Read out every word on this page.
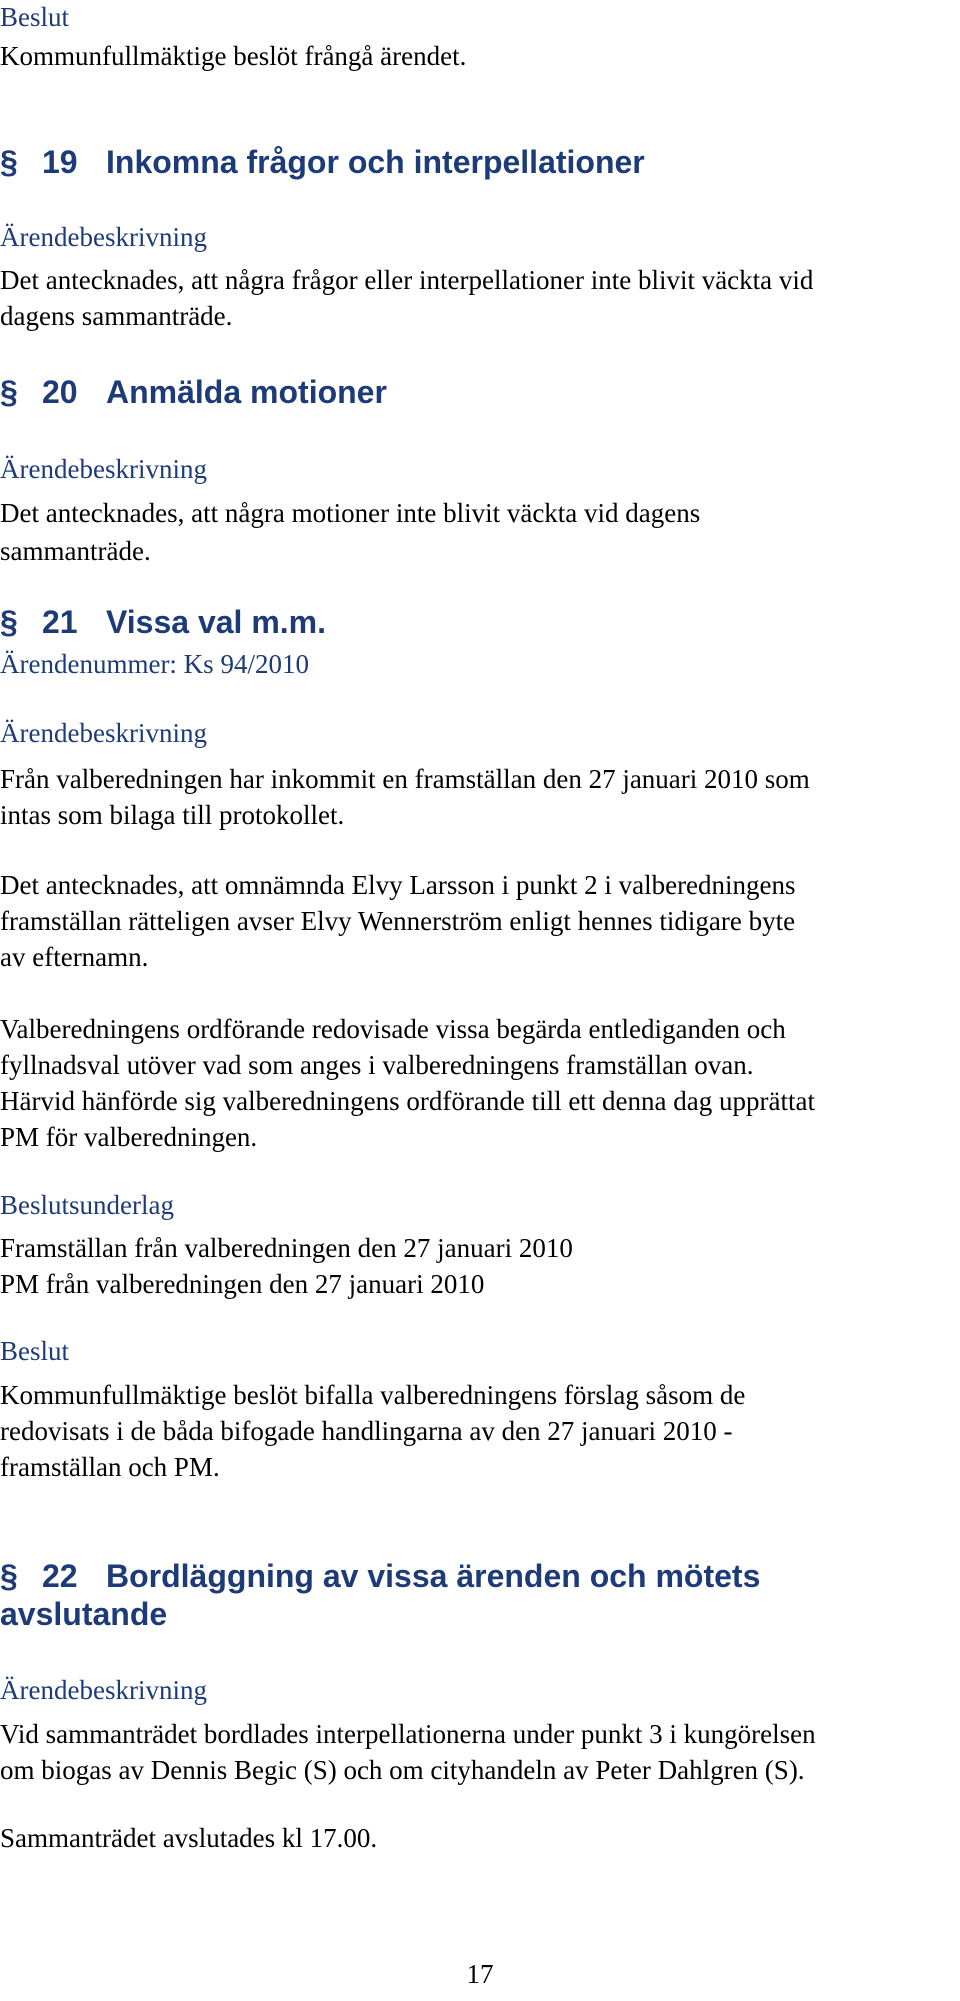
Beslut
Kommunfullmäktige beslöt frångå ärendet.
§ 19 Inkomna frågor och interpellationer
Ärendebeskrivning
Det antecknades, att några frågor eller interpellationer inte blivit väckta vid
dagens sammanträde.
§ 20 Anmälda motioner
Ärendebeskrivning
Det antecknades, att några motioner inte blivit väckta vid dagens
sammanträde.
§ 21 Vissa val m.m.
Ärendenummer: Ks 94/2010
Ärendebeskrivning
Från valberedningen har inkommit en framställan den 27 januari 2010 som
intas som bilaga till protokollet.
Det antecknades, att omnämnda Elvy Larsson i punkt 2 i valberedningens
framställan rätteligen avser Elvy Wennerström enligt hennes tidigare byte
av efternamn.
Valberedningens ordförande redovisade vissa begärda entlediganden och
fyllnadsval utöver vad som anges i valberedningens framställan ovan.
Härvid hänförde sig valberedningens ordförande till ett denna dag upprättat
PM för valberedningen.
Beslutsunderlag
Framställan från valberedningen den 27 januari 2010
PM från valberedningen den 27 januari 2010
Beslut
Kommunfullmäktige beslöt bifalla valberedningens förslag såsom de
redovisats i de båda bifogade handlingarna av den 27 januari 2010 -
framställan och PM.
§ 22 Bordläggning av vissa ärenden och mötets
avslutande
Ärendebeskrivning
Vid sammanträdet bordlades interpellationerna under punkt 3 i kungörelsen
om biogas av Dennis Begic (S) och om cityhandeln av Peter Dahlgren (S).
Sammanträdet avslutades kl 17.00.
17
